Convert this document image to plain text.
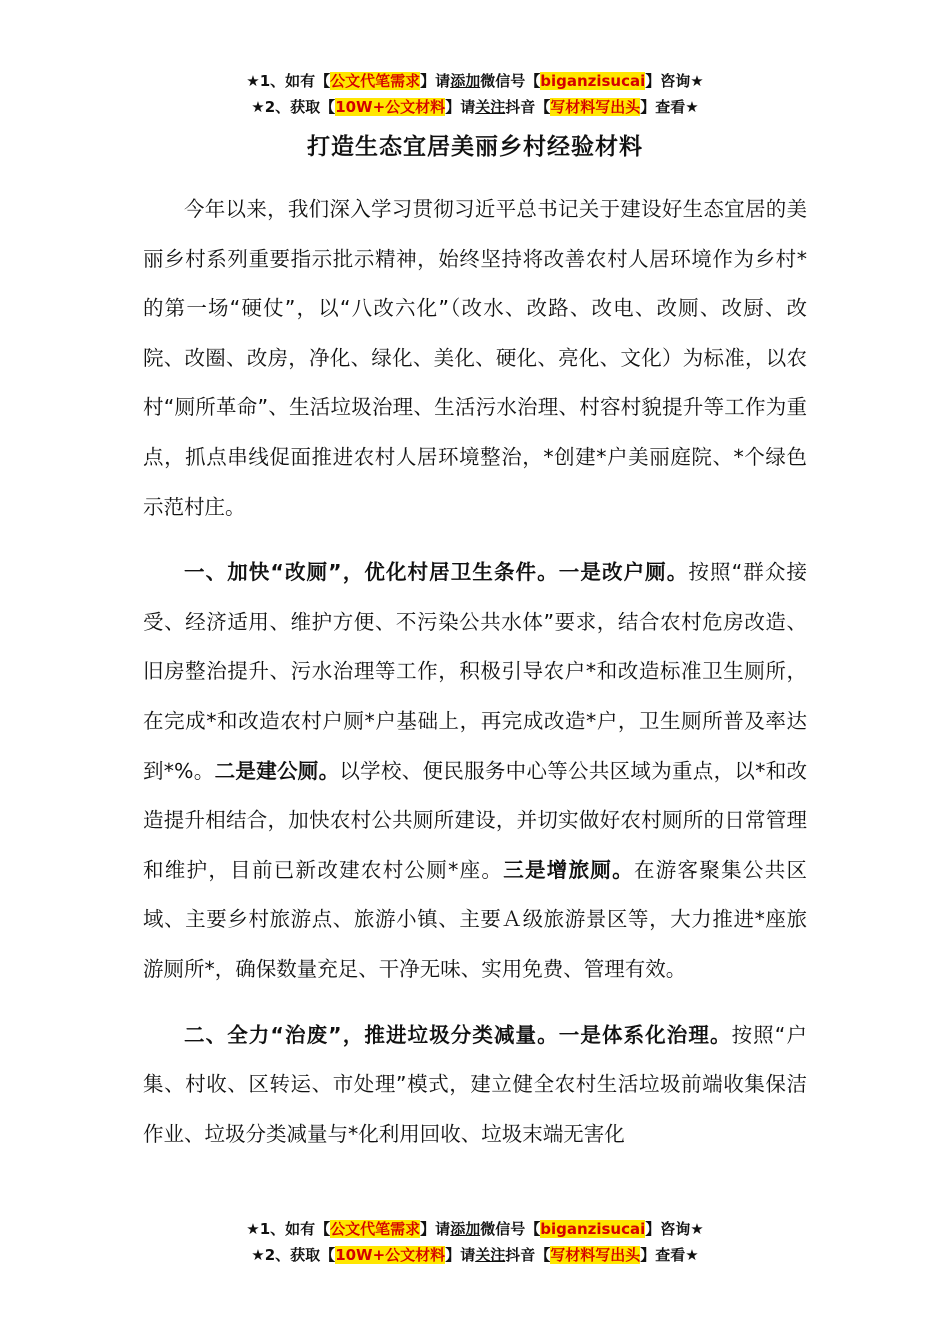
★1、如有【公文代笔需求】请添加微信号【biganzisucai】咨询★
★2、获取【10W+公文材料】请关注抖音【写材料写出头】查看★
打造生态宜居美丽乡村经验材料

今年以来，我们深入学习贯彻习近平总书记关于建设好生态宜居的美丽乡村系列重要指示批示精神，始终坚持将改善农村人居环境作为乡村*的第一场“硬仗”，以“八改六化”（改水、改路、改电、改厕、改厨、改院、改圈、改房，净化、绿化、美化、硬化、亮化、文化）为标准，以农村“厕所革命”、生活垃圾治理、生活污水治理、村容村貌提升等工作为重点，抓点串线促面推进农村人居环境整治，*创建*户美丽庭院、*个绿色示范村庄。

一、加快“改厕”，优化村居卫生条件。一是改户厕。按照“群众接受、经济适用、维护方便、不污染公共水体”要求，结合农村危房改造、旧房整治提升、污水治理等工作，积极引导农户*和改造标准卫生厕所，在完成*和改造农村户厕*户基础上，再完成改造*户，卫生厕所普及率达到*%。二是建公厕。以学校、便民服务中心等公共区域为重点，以*和改造提升相结合，加快农村公共厕所建设，并切实做好农村厕所的日常管理和维护，目前已新改建农村公厕*座。三是增旅厕。在游客聚集公共区域、主要乡村旅游点、旅游小镇、主要Ａ级旅游景区等，大力推进*座旅游厕所*，确保数量充足、干净无味、实用免费、管理有效。

二、全力“治废”，推进垃圾分类减量。一是体系化治理。按照“户集、村收、区转运、市处理”模式，建立健全农村生活垃圾前端收集保洁作业、垃圾分类减量与*化利用回收、垃圾末端无害化

★1、如有【公文代笔需求】请添加微信号【biganzisucai】咨询★
★2、获取【10W+公文材料】请关注抖音【写材料写出头】查看★
